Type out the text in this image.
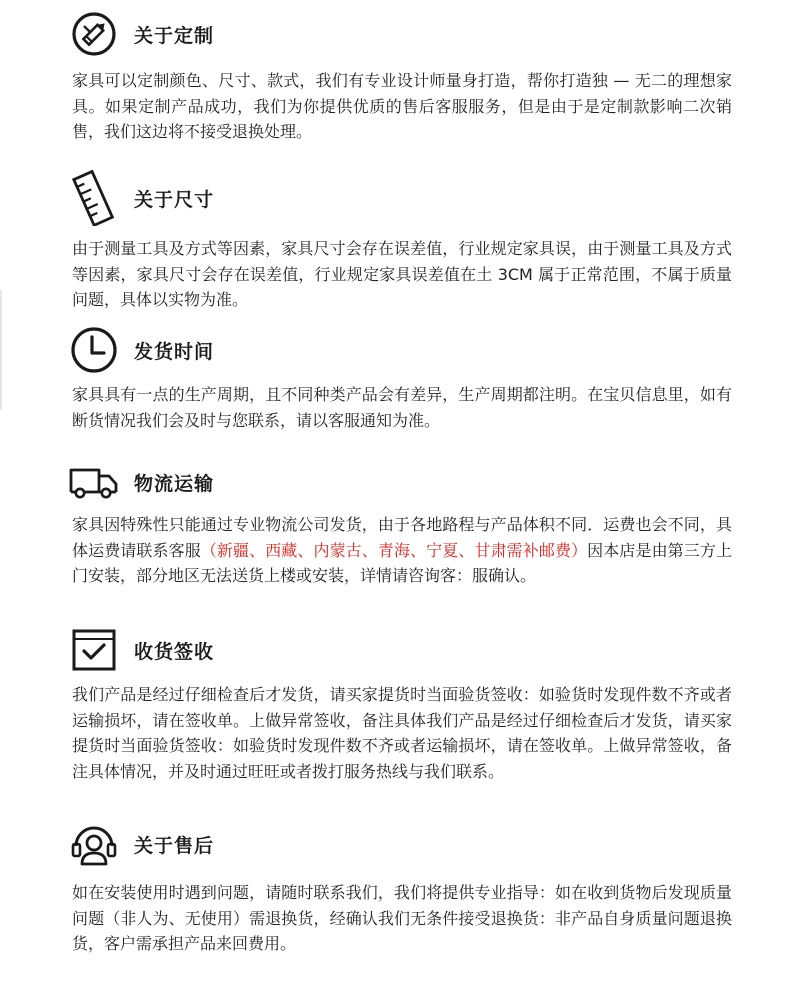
关于定制
家具可以定制颜色、尺寸、款式，我们有专业设计师量身打造，帮你打造独 — 无二的理想家具。如果定制产品成功，我们为你提供优质的售后客服服务，但是由于是定制款影响二次销售，我们这边将不接受退换处理。
关于尺寸
由于测量工具及方式等因素，家具尺寸会存在误差值，行业规定家具误，由于测量工具及方式等因素，家具尺寸会存在误差值，行业规定家具误差值在土 3CM 属于正常范围，不属于质量问题，具体以实物为准。
发货时间
家具具有一点的生产周期，且不同种类产品会有差异，生产周期都注明。在宝贝信息里，如有断货情况我们会及时与您联系，请以客服通知为准。
物流运输
家具因特殊性只能通过专业物流公司发货，由于各地路程与产品体积不同．运费也会不同，具体运费请联系客服（新疆、西藏、内蒙古、青海、宁夏、甘肃需补邮费）因本店是由第三方上门安装，部分地区无法送货上楼或安装，详情请咨询客：服确认。
收货签收
我们产品是经过仔细检查后才发货，请买家提货时当面验货签收：如验货时发现件数不齐或者运输损坏，请在签收单。上做异常签收，备注具体我们产品是经过仔细检查后才发货，请买家提货时当面验货签收：如验货时发现件数不齐或者运输损坏，请在签收单。上做异常签收，备注具体情况，并及时通过旺旺或者拨打服务热线与我们联系。
关于售后
如在安装使用时遇到问题，请随时联系我们，我们将提供专业指导：如在收到货物后发现质量问题（非人为、无使用）需退换货，经确认我们无条件接受退换货：非产品自身质量问题退换货，客户需承担产品来回费用。
